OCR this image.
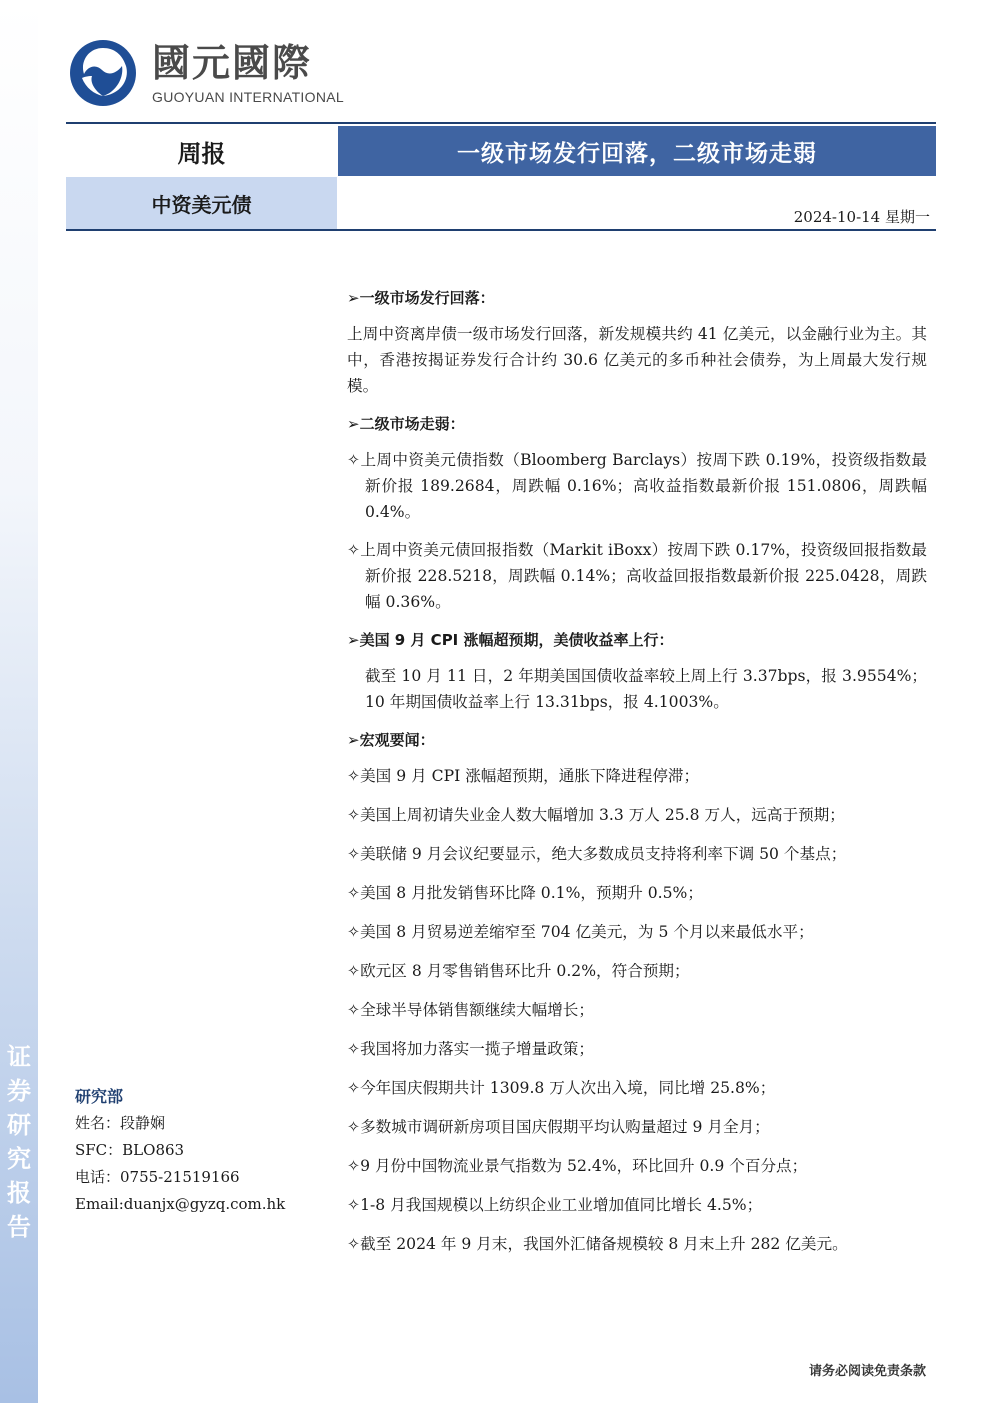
证
券
研
究
报
告
國元國際
GUOYUAN INTERNATIONAL
周报	一级市场发行回落，二级市场走弱
中资美元债
2024-10-14 星期一
➢一级市场发行回落：

上周中资离岸债一级市场发行回落，新发规模共约 41 亿美元，以金融行业为主。其中，香港按揭证券发行合计约 30.6 亿美元的多币种社会债券，为上周最大发行规模。

➢二级市场走弱：

✧上周中资美元债指数（Bloomberg Barclays）按周下跌 0.19%，投资级指数最新价报 189.2684，周跌幅 0.16%；高收益指数最新价报 151.0806，周跌幅 0.4%。

✧上周中资美元债回报指数（Markit iBoxx）按周下跌 0.17%，投资级回报指数最新价报 228.5218，周跌幅 0.14%；高收益回报指数最新价报 225.0428，周跌幅 0.36%。

➢美国 9 月 CPI 涨幅超预期，美债收益率上行：

截至 10 月 11 日，2 年期美国国债收益率较上周上行 3.37bps，报 3.9554%；10 年期国债收益率上行 13.31bps，报 4.1003%。

➢宏观要闻：
✧美国 9 月 CPI 涨幅超预期，通胀下降进程停滞；
✧美国上周初请失业金人数大幅增加 3.3 万人 25.8 万人，远高于预期；
✧美联储 9 月会议纪要显示，绝大多数成员支持将利率下调 50 个基点；
✧美国 8 月批发销售环比降 0.1%，预期升 0.5%；
✧美国 8 月贸易逆差缩窄至 704 亿美元，为 5 个月以来最低水平；
✧欧元区 8 月零售销售环比升 0.2%，符合预期；
✧全球半导体销售额继续大幅增长；
✧我国将加力落实一揽子增量政策；
✧今年国庆假期共计 1309.8 万人次出入境，同比增 25.8%；
✧多数城市调研新房项目国庆假期平均认购量超过 9 月全月；
✧9 月份中国物流业景气指数为 52.4%，环比回升 0.9 个百分点；
✧1-8 月我国规模以上纺织企业工业增加值同比增长 4.5%；
✧截至 2024 年 9 月末，我国外汇储备规模较 8 月末上升 282 亿美元。
研究部
姓名：段静娴
SFC：BLO863
电话：0755-21519166
Email:duanjx@gyzq.com.hk
请务必阅读免责条款
